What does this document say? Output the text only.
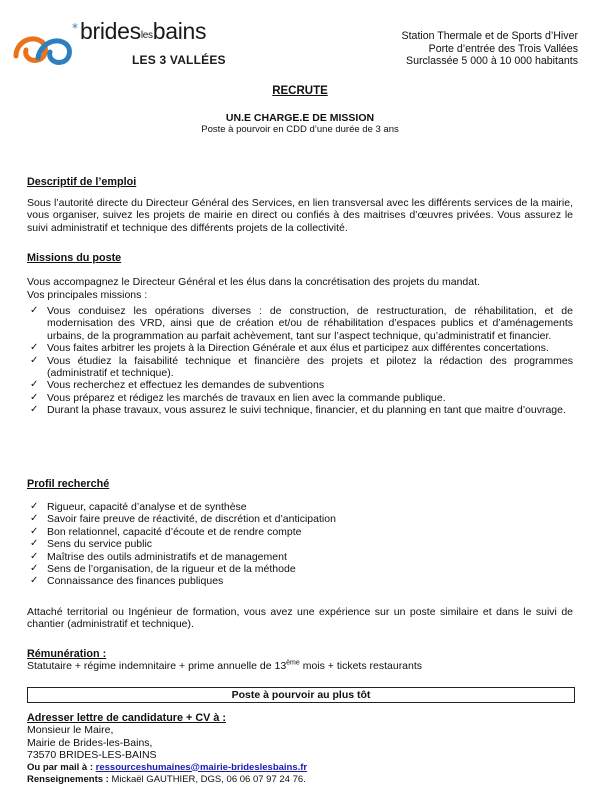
* brideslesbains
LES 3 VALLÉES
Station Thermale et de Sports d’Hiver
Porte d’entrée des Trois Vallées
Surclassée 5 000 à 10 000 habitants
RECRUTE
UN.E CHARGE.E DE MISSION
Poste à pourvoir en CDD d’une durée de 3 ans
Descriptif de l’emploi
Sous l’autorité directe du Directeur Général des Services, en lien transversal avec les différents services de la mairie, vous organiser, suivez les projets de mairie en direct ou confiés à des maitrises d’œuvres privées. Vous assurez le suivi administratif et technique des différents projets de la collectivité.
Missions du poste
Vous accompagnez le Directeur Général et les élus dans la concrétisation des projets du mandat.
Vos principales missions :
✓ Vous conduisez les opérations diverses : de construction, de restructuration, de réhabilitation, et de modernisation des VRD, ainsi que de création et/ou de réhabilitation d’espaces publics et d’aménagements urbains, de la programmation au parfait achèvement, tant sur l’aspect technique, qu’administratif et financier.
✓ Vous faites arbitrer les projets à la Direction Générale et aux élus et participez aux différentes concertations.
✓ Vous étudiez la faisabilité technique et financière des projets et pilotez la rédaction des programmes (administratif et technique).
✓ Vous recherchez et effectuez les demandes de subventions
✓ Vous préparez et rédigez les marchés de travaux en lien avec la commande publique.
✓ Durant la phase travaux, vous assurez le suivi technique, financier, et du planning en tant que maitre d’ouvrage.
Profil recherché
✓ Rigueur, capacité d’analyse et de synthèse
✓ Savoir faire preuve de réactivité, de discrétion et d’anticipation
✓ Bon relationnel, capacité d’écoute et de rendre compte
✓ Sens du service public
✓ Maîtrise des outils administratifs et de management
✓ Sens de l’organisation, de la rigueur et de la méthode
✓ Connaissance des finances publiques
Attaché territorial ou Ingénieur de formation, vous avez une expérience sur un poste similaire et dans le suivi de chantier (administratif et technique).
Rémunération :
Statutaire + régime indemnitaire + prime annuelle de 13ème mois + tickets restaurants
Poste à pourvoir au plus tôt
Adresser lettre de candidature + CV à :
Monsieur le Maire,
Mairie de Brides-les-Bains,
73570 BRIDES-LES-BAINS
Ou par mail à : ressourceshumaines@mairie-brideslesbains.fr
Renseignements : Mickaël GAUTHIER, DGS, 06 06 07 97 24 76.
